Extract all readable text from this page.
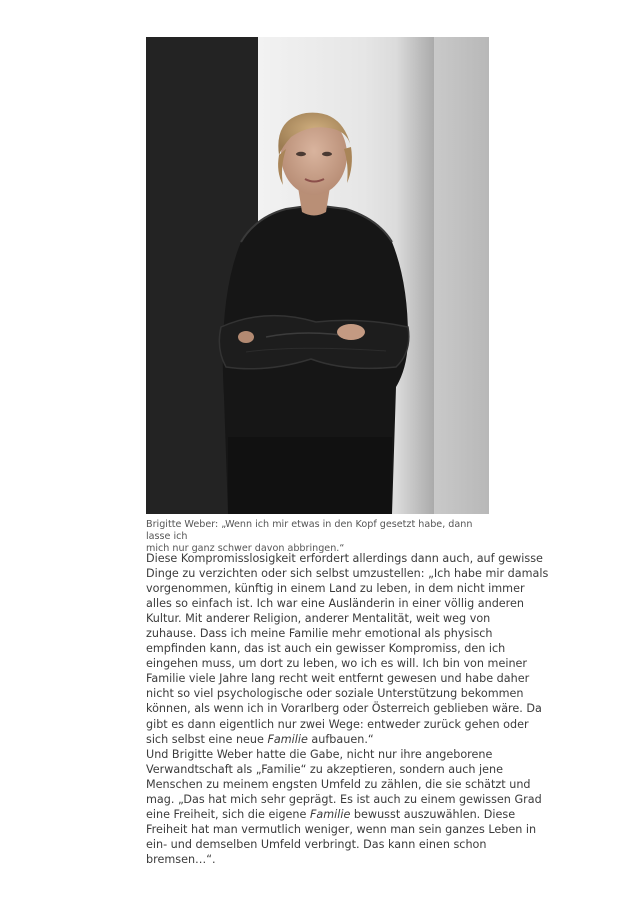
Brigitte Weber: „Wenn ich mir etwas in den Kopf gesetzt habe, dann lasse ich
mich nur ganz schwer davon abbringen.“
Diese Kompromisslosigkeit erfordert allerdings dann auch, auf gewisse
Dinge zu verzichten oder sich selbst umzustellen: „Ich habe mir damals
vorgenommen, künftig in einem Land zu leben, in dem nicht immer
alles so einfach ist. Ich war eine Ausländerin in einer völlig anderen
Kultur. Mit anderer Religion, anderer Mentalität, weit weg von
zuhause. Dass ich meine Familie mehr emotional als physisch
empfinden kann, das ist auch ein gewisser Kompromiss, den ich
eingehen muss, um dort zu leben, wo ich es will. Ich bin von meiner
Familie viele Jahre lang recht weit entfernt gewesen und habe daher
nicht so viel psychologische oder soziale Unterstützung bekommen
können, als wenn ich in Vorarlberg oder Österreich geblieben wäre. Da
gibt es dann eigentlich nur zwei Wege: entweder zurück gehen oder
sich selbst eine neue Familie aufbauen.“
Und Brigitte Weber hatte die Gabe, nicht nur ihre angeborene
Verwandtschaft als „Familie“ zu akzeptieren, sondern auch jene
Menschen zu meinem engsten Umfeld zu zählen, die sie schätzt und
mag. „Das hat mich sehr geprägt. Es ist auch zu einem gewissen Grad
eine Freiheit, sich die eigene Familie bewusst auszuwählen. Diese
Freiheit hat man vermutlich weniger, wenn man sein ganzes Leben in
ein- und demselben Umfeld verbringt. Das kann einen schon
bremsen…“.
